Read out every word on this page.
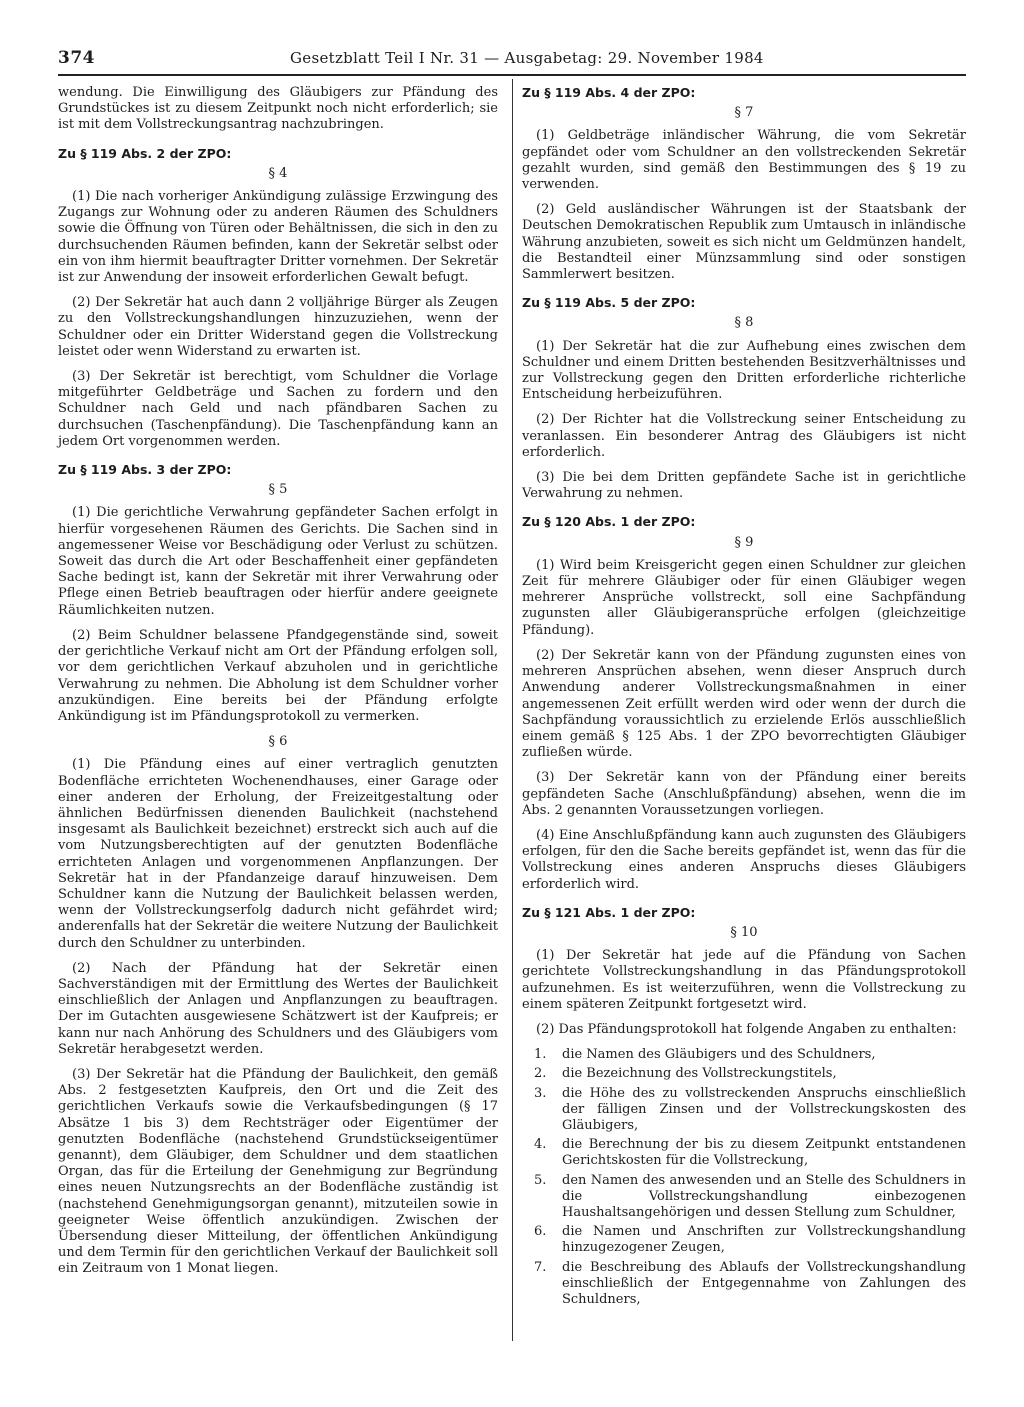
374	Gesetzblatt Teil I Nr. 31 — Ausgabetag: 29. November 1984

wendung. Die Einwilligung des Gläubigers zur Pfändung des Grundstückes ist zu diesem Zeitpunkt noch nicht erforderlich; sie ist mit dem Vollstreckungsantrag nachzubringen.

Zu § 119 Abs. 2 der ZPO:
§ 4

(1) Die nach vorheriger Ankündigung zulässige Erzwingung des Zugangs zur Wohnung oder zu anderen Räumen des Schuldners sowie die Öffnung von Türen oder Behältnissen, die sich in den zu durchsuchenden Räumen befinden, kann der Sekretär selbst oder ein von ihm hiermit beauftragter Dritter vornehmen. Der Sekretär ist zur Anwendung der insoweit erforderlichen Gewalt befugt.

(2) Der Sekretär hat auch dann 2 volljährige Bürger als Zeugen zu den Vollstreckungshandlungen hinzuzuziehen, wenn der Schuldner oder ein Dritter Widerstand gegen die Vollstreckung leistet oder wenn Widerstand zu erwarten ist.

(3) Der Sekretär ist berechtigt, vom Schuldner die Vorlage mitgeführter Geldbeträge und Sachen zu fordern und den Schuldner nach Geld und nach pfändbaren Sachen zu durchsuchen (Taschenpfändung). Die Taschenpfändung kann an jedem Ort vorgenommen werden.

Zu § 119 Abs. 3 der ZPO:
§ 5

(1) Die gerichtliche Verwahrung gepfändeter Sachen erfolgt in hierfür vorgesehenen Räumen des Gerichts. Die Sachen sind in angemessener Weise vor Beschädigung oder Verlust zu schützen. Soweit das durch die Art oder Beschaffenheit einer gepfändeten Sache bedingt ist, kann der Sekretär mit ihrer Verwahrung oder Pflege einen Betrieb beauftragen oder hierfür andere geeignete Räumlichkeiten nutzen.

(2) Beim Schuldner belassene Pfandgegenstände sind, soweit der gerichtliche Verkauf nicht am Ort der Pfändung erfolgen soll, vor dem gerichtlichen Verkauf abzuholen und in gerichtliche Verwahrung zu nehmen. Die Abholung ist dem Schuldner vorher anzukündigen. Eine bereits bei der Pfändung erfolgte Ankündigung ist im Pfändungsprotokoll zu vermerken.

§ 6

(1) Die Pfändung eines auf einer vertraglich genutzten Bodenfläche errichteten Wochenendhauses, einer Garage oder einer anderen der Erholung, der Freizeitgestaltung oder ähnlichen Bedürfnissen dienenden Baulichkeit (nachstehend insgesamt als Baulichkeit bezeichnet) erstreckt sich auch auf die vom Nutzungsberechtigten auf der genutzten Bodenfläche errichteten Anlagen und vorgenommenen Anpflanzungen. Der Sekretär hat in der Pfandanzeige darauf hinzuweisen. Dem Schuldner kann die Nutzung der Baulichkeit belassen werden, wenn der Vollstreckungserfolg dadurch nicht gefährdet wird; anderenfalls hat der Sekretär die weitere Nutzung der Baulichkeit durch den Schuldner zu unterbinden.

(2) Nach der Pfändung hat der Sekretär einen Sachverständigen mit der Ermittlung des Wertes der Baulichkeit einschließlich der Anlagen und Anpflanzungen zu beauftragen. Der im Gutachten ausgewiesene Schätzwert ist der Kaufpreis; er kann nur nach Anhörung des Schuldners und des Gläubigers vom Sekretär herabgesetzt werden.

(3) Der Sekretär hat die Pfändung der Baulichkeit, den gemäß Abs. 2 festgesetzten Kaufpreis, den Ort und die Zeit des gerichtlichen Verkaufs sowie die Verkaufsbedingungen (§ 17 Absätze 1 bis 3) dem Rechtsträger oder Eigentümer der genutzten Bodenfläche (nachstehend Grundstückseigentümer genannt), dem Gläubiger, dem Schuldner und dem staatlichen Organ, das für die Erteilung der Genehmigung zur Begründung eines neuen Nutzungsrechts an der Bodenfläche zuständig ist (nachstehend Genehmigungsorgan genannt), mitzuteilen sowie in geeigneter Weise öffentlich anzukündigen. Zwischen der Übersendung dieser Mitteilung, der öffentlichen Ankündigung und dem Termin für den gerichtlichen Verkauf der Baulichkeit soll ein Zeitraum von 1 Monat liegen.

Zu § 119 Abs. 4 der ZPO:
§ 7

(1) Geldbeträge inländischer Währung, die vom Sekretär gepfändet oder vom Schuldner an den vollstreckenden Sekretär gezahlt wurden, sind gemäß den Bestimmungen des § 19 zu verwenden.

(2) Geld ausländischer Währungen ist der Staatsbank der Deutschen Demokratischen Republik zum Umtausch in inländische Währung anzubieten, soweit es sich nicht um Geldmünzen handelt, die Bestandteil einer Münzsammlung sind oder sonstigen Sammlerwert besitzen.

Zu § 119 Abs. 5 der ZPO:
§ 8

(1) Der Sekretär hat die zur Aufhebung eines zwischen dem Schuldner und einem Dritten bestehenden Besitzverhältnisses und zur Vollstreckung gegen den Dritten erforderliche richterliche Entscheidung herbeizuführen.

(2) Der Richter hat die Vollstreckung seiner Entscheidung zu veranlassen. Ein besonderer Antrag des Gläubigers ist nicht erforderlich.

(3) Die bei dem Dritten gepfändete Sache ist in gerichtliche Verwahrung zu nehmen.

Zu § 120 Abs. 1 der ZPO:
§ 9

(1) Wird beim Kreisgericht gegen einen Schuldner zur gleichen Zeit für mehrere Gläubiger oder für einen Gläubiger wegen mehrerer Ansprüche vollstreckt, soll eine Sachpfändung zugunsten aller Gläubigeransprüche erfolgen (gleichzeitige Pfändung).

(2) Der Sekretär kann von der Pfändung zugunsten eines von mehreren Ansprüchen absehen, wenn dieser Anspruch durch Anwendung anderer Vollstreckungsmaßnahmen in einer angemessenen Zeit erfüllt werden wird oder wenn der durch die Sachpfändung voraussichtlich zu erzielende Erlös ausschließlich einem gemäß § 125 Abs. 1 der ZPO bevorrechtigten Gläubiger zufließen würde.

(3) Der Sekretär kann von der Pfändung einer bereits gepfändeten Sache (Anschlußpfändung) absehen, wenn die im Abs. 2 genannten Voraussetzungen vorliegen.

(4) Eine Anschlußpfändung kann auch zugunsten des Gläubigers erfolgen, für den die Sache bereits gepfändet ist, wenn das für die Vollstreckung eines anderen Anspruchs dieses Gläubigers erforderlich wird.

Zu § 121 Abs. 1 der ZPO:
§ 10

(1) Der Sekretär hat jede auf die Pfändung von Sachen gerichtete Vollstreckungshandlung in das Pfändungsprotokoll aufzunehmen. Es ist weiterzuführen, wenn die Vollstreckung zu einem späteren Zeitpunkt fortgesetzt wird.

(2) Das Pfändungsprotokoll hat folgende Angaben zu enthalten:

1. die Namen des Gläubigers und des Schuldners,
2. die Bezeichnung des Vollstreckungstitels,
3. die Höhe des zu vollstreckenden Anspruchs einschließlich der fälligen Zinsen und der Vollstreckungskosten des Gläubigers,
4. die Berechnung der bis zu diesem Zeitpunkt entstandenen Gerichtskosten für die Vollstreckung,
5. den Namen des anwesenden und an Stelle des Schuldners in die Vollstreckungshandlung einbezogenen Haushaltsangehörigen und dessen Stellung zum Schuldner,
6. die Namen und Anschriften zur Vollstreckungshandlung hinzugezogener Zeugen,
7. die Beschreibung des Ablaufs der Vollstreckungshandlung einschließlich der Entgegennahme von Zahlungen des Schuldners,
